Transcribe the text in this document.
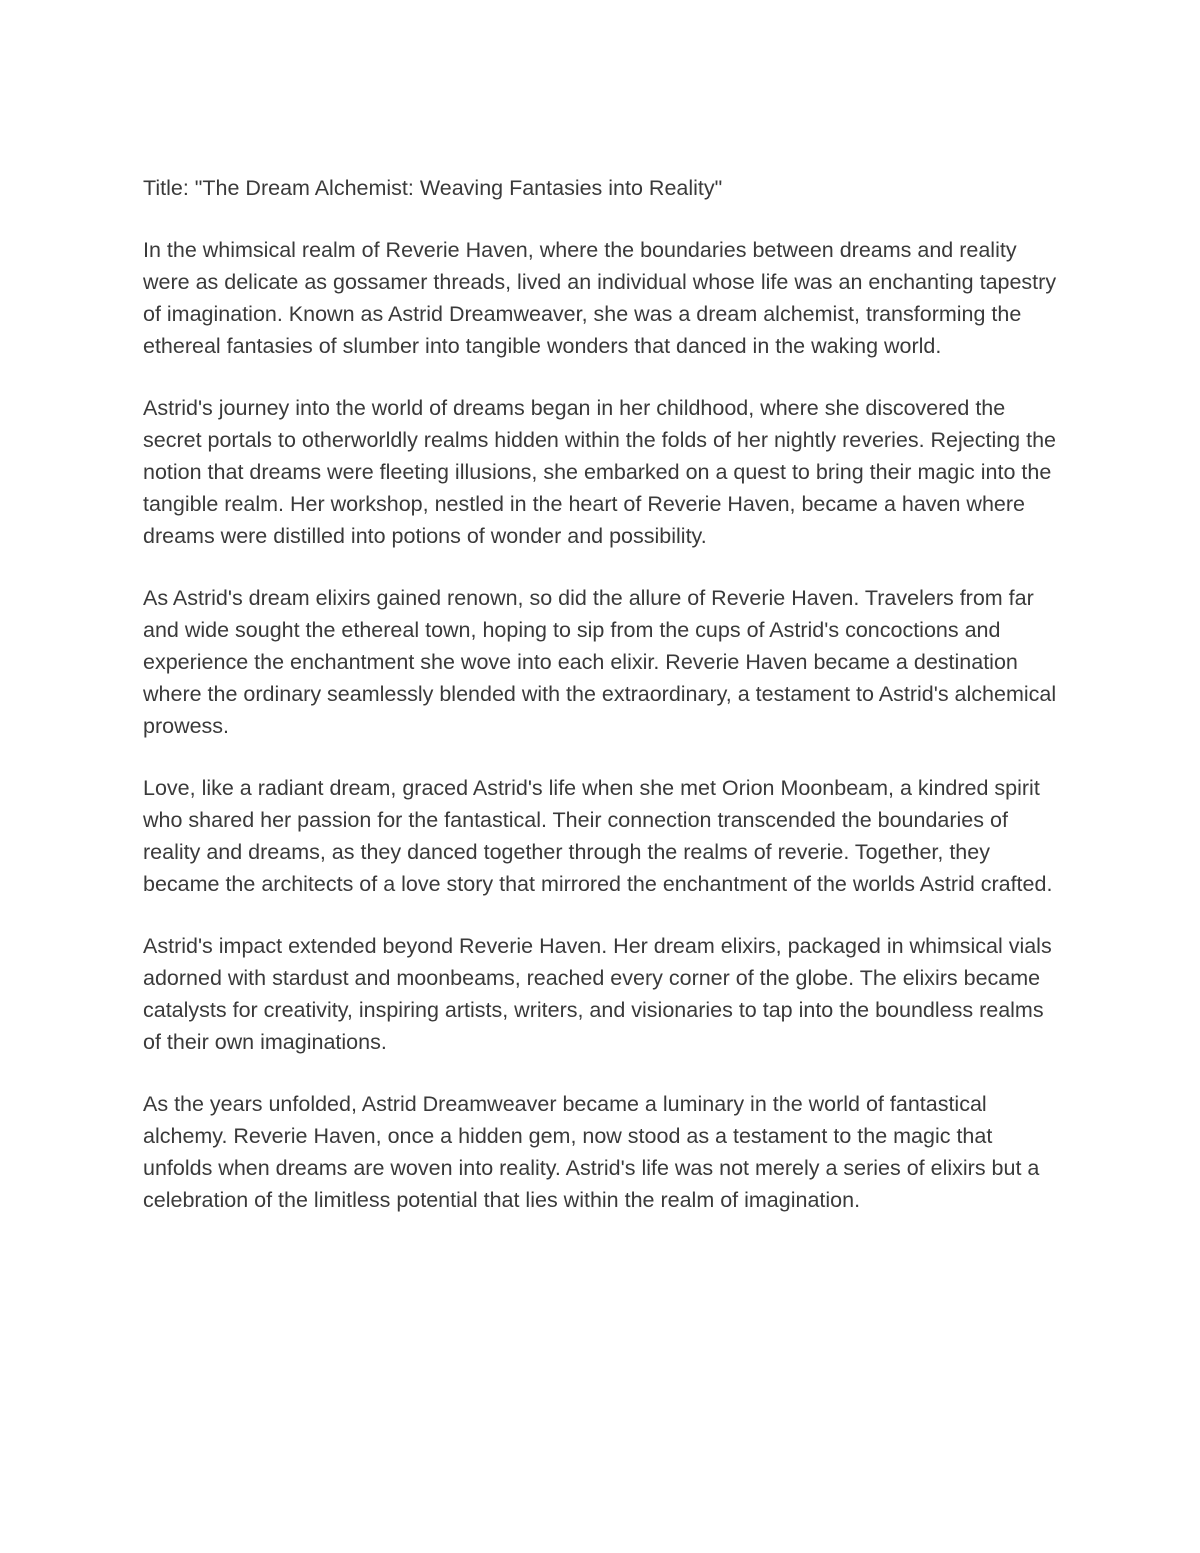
Title: "The Dream Alchemist: Weaving Fantasies into Reality"

In the whimsical realm of Reverie Haven, where the boundaries between dreams and reality were as delicate as gossamer threads, lived an individual whose life was an enchanting tapestry of imagination. Known as Astrid Dreamweaver, she was a dream alchemist, transforming the ethereal fantasies of slumber into tangible wonders that danced in the waking world.

Astrid's journey into the world of dreams began in her childhood, where she discovered the secret portals to otherworldly realms hidden within the folds of her nightly reveries. Rejecting the notion that dreams were fleeting illusions, she embarked on a quest to bring their magic into the tangible realm. Her workshop, nestled in the heart of Reverie Haven, became a haven where dreams were distilled into potions of wonder and possibility.

As Astrid's dream elixirs gained renown, so did the allure of Reverie Haven. Travelers from far and wide sought the ethereal town, hoping to sip from the cups of Astrid's concoctions and experience the enchantment she wove into each elixir. Reverie Haven became a destination where the ordinary seamlessly blended with the extraordinary, a testament to Astrid's alchemical prowess.

Love, like a radiant dream, graced Astrid's life when she met Orion Moonbeam, a kindred spirit who shared her passion for the fantastical. Their connection transcended the boundaries of reality and dreams, as they danced together through the realms of reverie. Together, they became the architects of a love story that mirrored the enchantment of the worlds Astrid crafted.

Astrid's impact extended beyond Reverie Haven. Her dream elixirs, packaged in whimsical vials adorned with stardust and moonbeams, reached every corner of the globe. The elixirs became catalysts for creativity, inspiring artists, writers, and visionaries to tap into the boundless realms of their own imaginations.

As the years unfolded, Astrid Dreamweaver became a luminary in the world of fantastical alchemy. Reverie Haven, once a hidden gem, now stood as a testament to the magic that unfolds when dreams are woven into reality. Astrid's life was not merely a series of elixirs but a celebration of the limitless potential that lies within the realm of imagination.
